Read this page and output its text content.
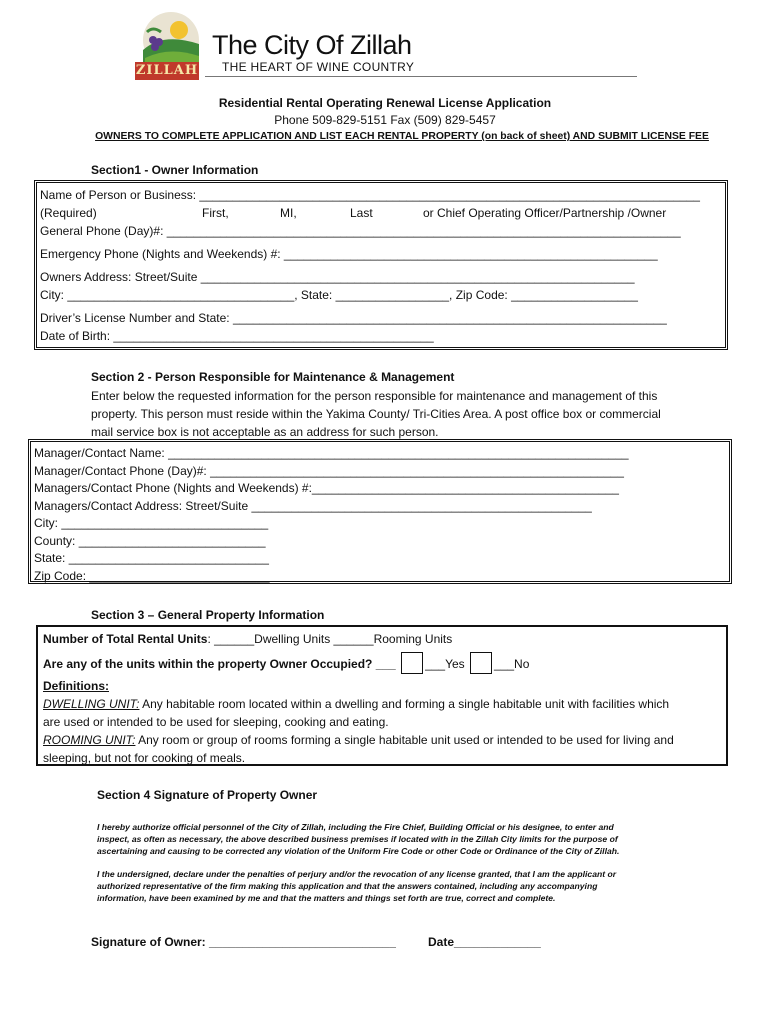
ZILLAH
The City Of Zillah
THE HEART OF WINE COUNTRY
Residential Rental Operating Renewal License Application
Phone 509-829-5151 Fax (509) 829-5457
OWNERS TO COMPLETE APPLICATION AND LIST EACH RENTAL PROPERTY (on back of sheet) AND SUBMIT LICENSE FEE
Section1 - Owner Information
Name of Person or Business: ___________________________________________________________________________
(Required)	First,	MI,	Last	or Chief Operating Officer/Partnership /Owner
General Phone (Day)#: _____________________________________________________________________________
Emergency Phone (Nights and Weekends) #: ________________________________________________________
Owners Address: Street/Suite _________________________________________________________________
City: __________________________________, State: _________________, Zip Code: ___________________
Driver’s License Number and State: _________________________________________________________________
Date of Birth: ________________________________________________
Section 2 - Person Responsible for Maintenance & Management
Enter below the requested information for the person responsible for maintenance and management of this
property. This person must reside within the Yakima County/ Tri-Cities Area. A post office box or commercial
mail service box is not acceptable as an address for such person.
Manager/Contact Name: _____________________________________________________________________
Manager/Contact Phone (Day)#: ______________________________________________________________
Managers/Contact Phone (Nights and Weekends) #:______________________________________________
Managers/Contact Address: Street/Suite ___________________________________________________
City: _______________________________
County: ____________________________
State: ______________________________
Zip Code: ___________________________
Section 3 – General Property Information
Number of Total Rental Units: ______Dwelling Units ______Rooming Units
Are any of the units within the property Owner Occupied? ___ ___Yes ___No
Definitions:
DWELLING UNIT: Any habitable room located within a dwelling and forming a single habitable unit with facilities which
are used or intended to be used for sleeping, cooking and eating.
ROOMING UNIT: Any room or group of rooms forming a single habitable unit used or intended to be used for living and
sleeping, but not for cooking of meals.
Section 4 Signature of Property Owner
I hereby authorize official personnel of the City of Zillah, including the Fire Chief, Building Official or his designee, to enter and
inspect, as often as necessary, the above described business premises if located with in the Zillah City limits for the purpose of
ascertaining and causing to be corrected any violation of the Uniform Fire Code or other Code or Ordinance of the City of Zillah.
I the undersigned, declare under the penalties of perjury and/or the revocation of any license granted, that I am the applicant or
authorized representative of the firm making this application and that the answers contained, including any accompanying
information, have been examined by me and that the matters and things set forth are true, correct and complete.
Signature of Owner: ____________________________	Date_____________
